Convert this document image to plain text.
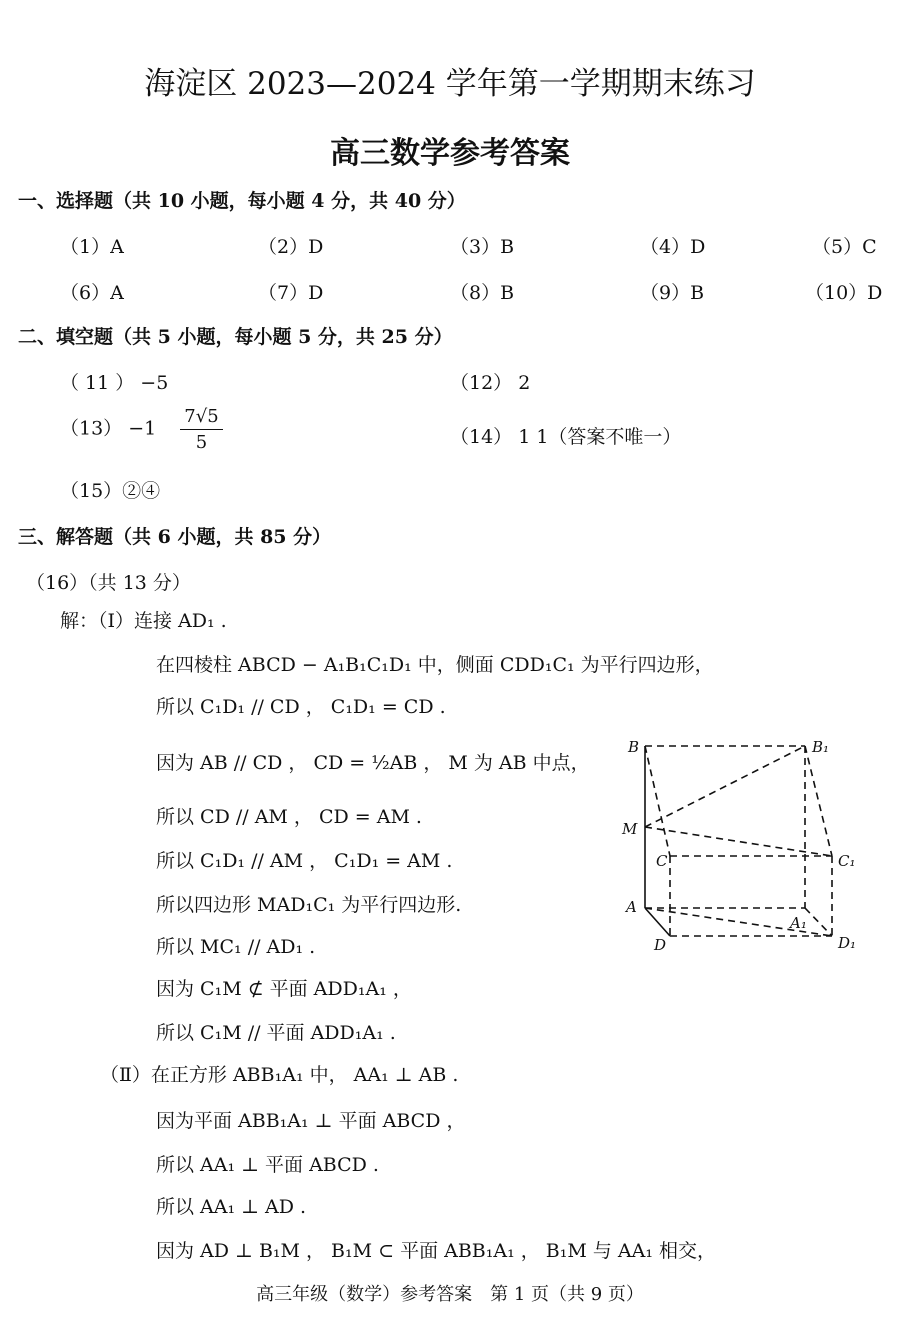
海淀区 2023—2024 学年第一学期期末练习
高三数学参考答案
一、选择题（共 10 小题，每小题 4 分，共 40 分）
（1）A	（2）D	（3）B	（4）D	（5）C
（6）A	（7）D	（8）B	（9）B	（10）D
二、填空题（共 5 小题，每小题 5 分，共 25 分）
（ 11 ） −5	（12） 2
$(13) -1 \frac{7√5}{5}$	（14） 1 1（答案不唯一）
（15）②④
三、解答题（共 6 小题，共 85 分）
（16）（共 13 分）
解：（Ⅰ）连接 AD₁ .
在四棱柱 ABCD − A₁B₁C₁D₁ 中，侧面 CDD₁C₁ 为平行四边形，
所以 C₁D₁ // CD ， C₁D₁ = CD .
因为 AB // CD ， CD = ½AB ， M 为 AB 中点，
所以 CD // AM ， CD = AM .
所以 C₁D₁ // AM ， C₁D₁ = AM .
所以四边形 MAD₁C₁ 为平行四边形.
所以 MC₁ // AD₁ .
因为 C₁M ⊄ 平面 ADD₁A₁ ，
所以 C₁M // 平面 ADD₁A₁ .
（Ⅱ）在正方形 ABB₁A₁ 中， AA₁ ⊥ AB .
因为平面 ABB₁A₁ ⊥ 平面 ABCD ，
所以 AA₁ ⊥ 平面 ABCD .
所以 AA₁ ⊥ AD .
因为 AD ⊥ B₁M ， B₁M ⊂ 平面 ABB₁A₁ ， B₁M 与 AA₁ 相交，
B	B₁
M
C	C₁
A
A₁
D	D₁
高三年级（数学）参考答案　第 1 页（共 9 页）
